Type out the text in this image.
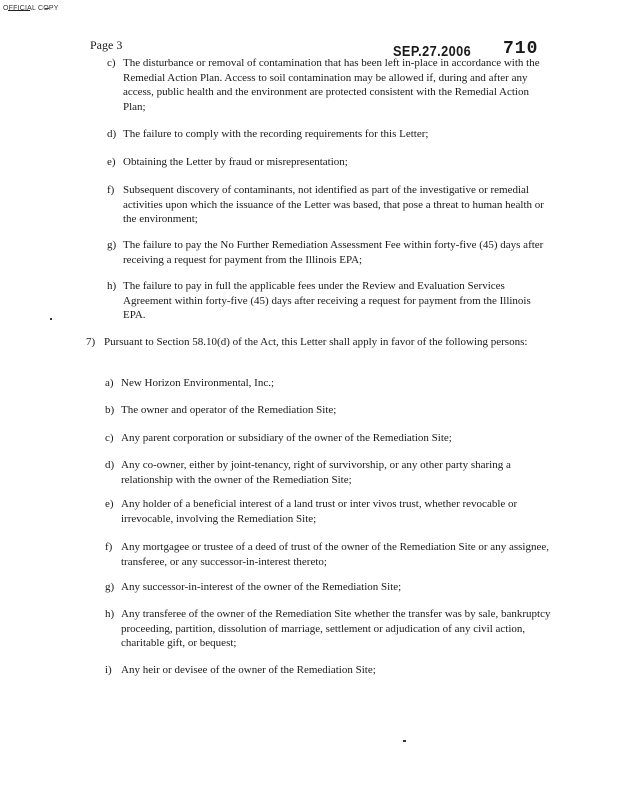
OFFICIAL COPY
Page 3	SEP.27.2006 710
c) The disturbance or removal of contamination that has been left in-place in accordance with the Remedial Action Plan. Access to soil contamination may be allowed if, during and after any access, public health and the environment are protected consistent with the Remedial Action Plan;
d) The failure to comply with the recording requirements for this Letter;
e) Obtaining the Letter by fraud or misrepresentation;
f) Subsequent discovery of contaminants, not identified as part of the investigative or remedial activities upon which the issuance of the Letter was based, that pose a threat to human health or the environment;
g) The failure to pay the No Further Remediation Assessment Fee within forty-five (45) days after receiving a request for payment from the Illinois EPA;
h) The failure to pay in full the applicable fees under the Review and Evaluation Services Agreement within forty-five (45) days after receiving a request for payment from the Illinois EPA.
7) Pursuant to Section 58.10(d) of the Act, this Letter shall apply in favor of the following persons:
a) New Horizon Environmental, Inc.;
b) The owner and operator of the Remediation Site;
c) Any parent corporation or subsidiary of the owner of the Remediation Site;
d) Any co-owner, either by joint-tenancy, right of survivorship, or any other party sharing a relationship with the owner of the Remediation Site;
e) Any holder of a beneficial interest of a land trust or inter vivos trust, whether revocable or irrevocable, involving the Remediation Site;
f) Any mortgagee or trustee of a deed of trust of the owner of the Remediation Site or any assignee, transferee, or any successor-in-interest thereto;
g) Any successor-in-interest of the owner of the Remediation Site;
h) Any transferee of the owner of the Remediation Site whether the transfer was by sale, bankruptcy proceeding, partition, dissolution of marriage, settlement or adjudication of any civil action, charitable gift, or bequest;
i) Any heir or devisee of the owner of the Remediation Site;
